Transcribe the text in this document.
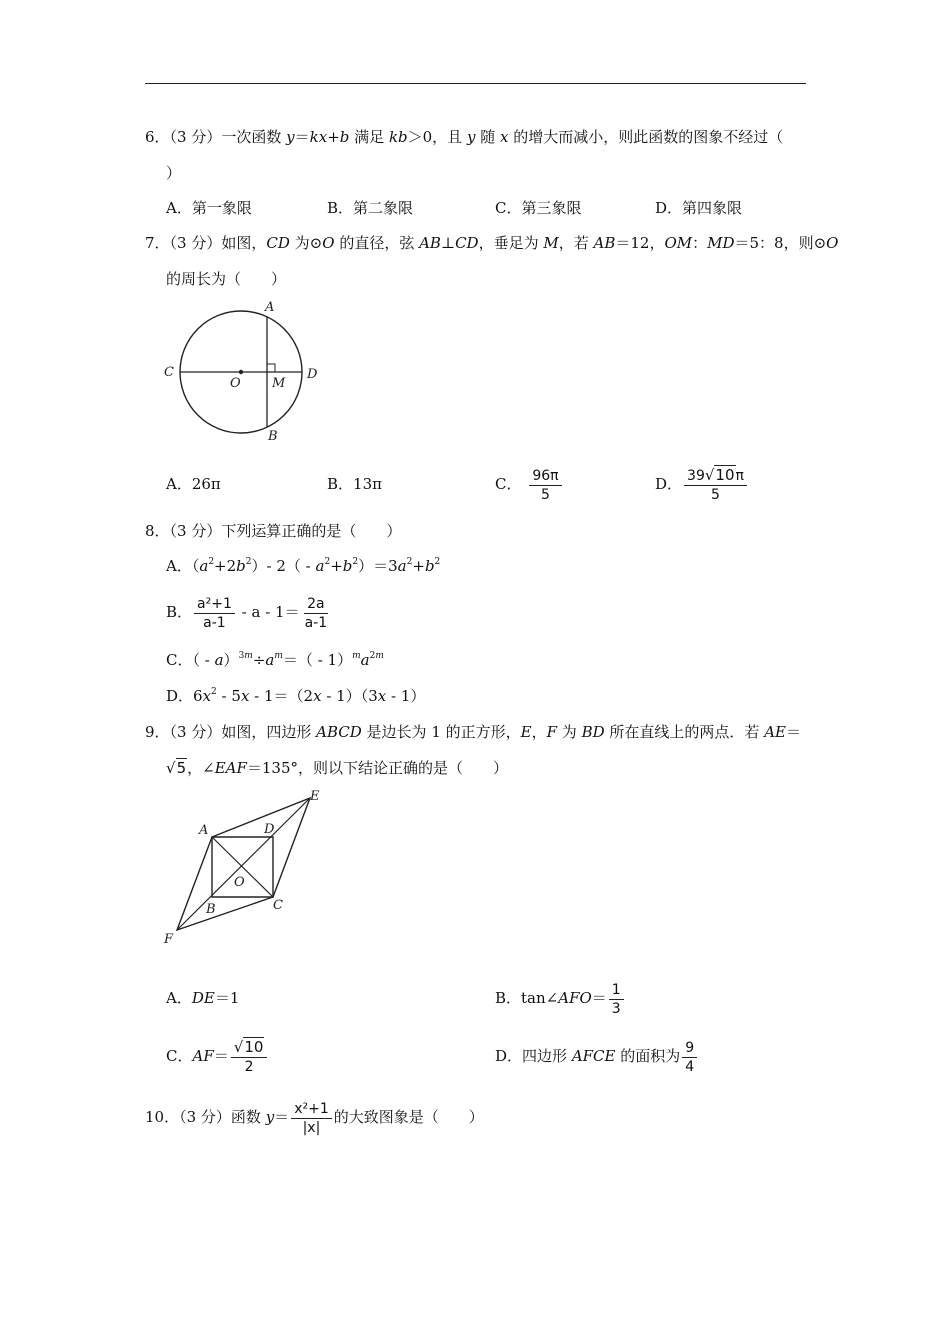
6．（3 分）一次函数 y＝kx+b 满足 kb＞0，且 y 随 x 的增大而减小，则此函数的图象不经过（
）
A．第一象限	B．第二象限	C．第三象限	D．第四象限
7．（3 分）如图，CD 为⊙O 的直径，弦 AB⊥CD，垂足为 M，若 AB＝12，OM：MD＝5：8，则⊙O
的周长为（　　）
A
B
C	D
O M
A．26π	B．13π	C． $\frac{96\pi}{5}$	D． $\frac{39√10\pi}{5}$
8．（3 分）下列运算正确的是（　　）
A．$(a^2+2b^2)-$ $2( - a^2+b^2)=3a^2+b^2$
B． $\frac{\text{a²+1}}{a-1} - a - 1= \frac{2a}{a-1}$
C．（ - $a)^{3m}\div a^m=( - 1)^ma^{2m}$
D．$6x^2 - 5x - 1=(2x - 1)(3x - 1)$
9．（3 分）如图，四边形 ABCD 是边长为 1 的正方形，E，F 为 BD 所在直线上的两点．若 AE＝
√5，∠EAF＝135°，则以下结论正确的是（　　）
A	D
B	C
E
F
O
A．DE＝1	B．tan∠AFO＝ $\frac{1}{3}$
C．$AF= \frac{√10}{2}$	D．四边形 AFCE 的面积为 $\frac{9}{4}$
10．（3 分）函数 $y= \frac{\text{x²+1}}{|x|}$ 的大致图象是（　　）
